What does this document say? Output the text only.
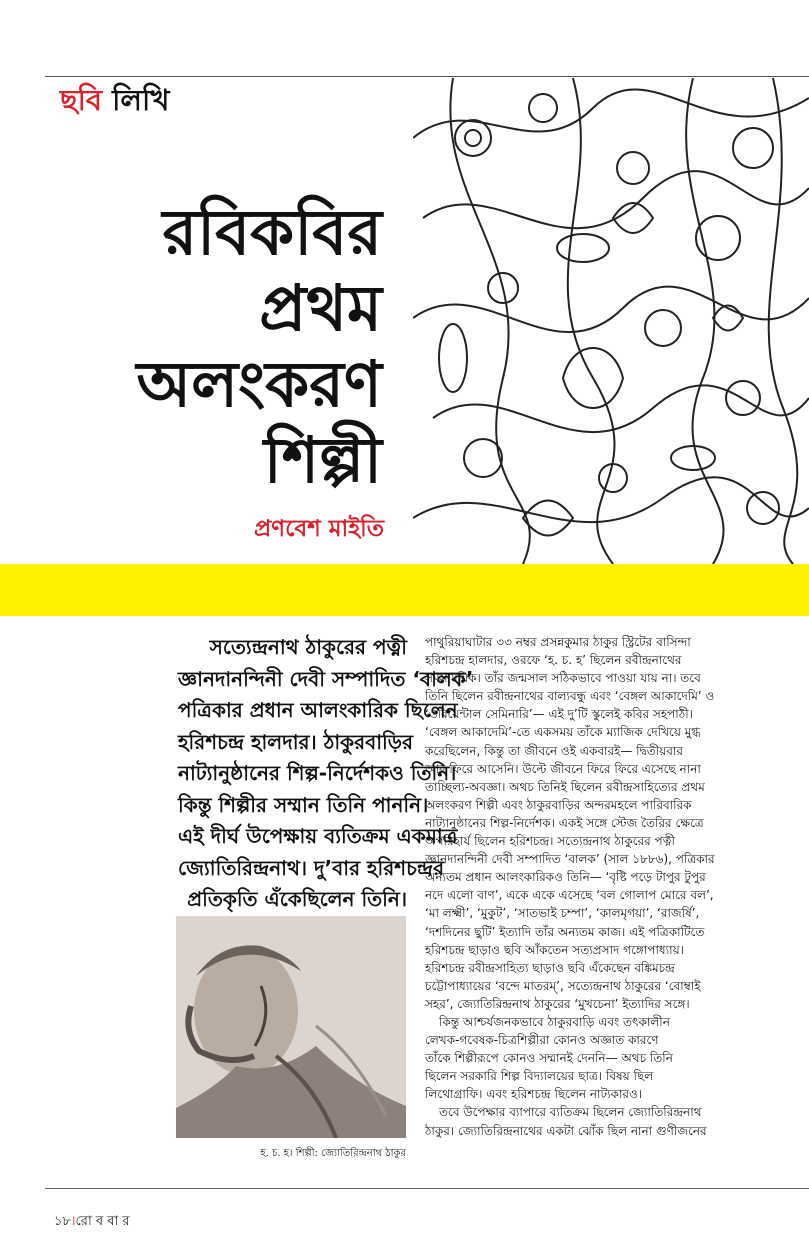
ছবি লিখি
রবিকবির
প্রথম
অলংকরণ
শিল্পী
প্রণবেশ মাইতি
সত্যেন্দ্রনাথ ঠাকুরের পত্নী
জ্ঞানদানন্দিনী দেবী সম্পাদিত ‘বালক’
পত্রিকার প্রধান আলংকারিক ছিলেন
হরিশচন্দ্র হালদার। ঠাকুরবাড়ির
নাট্যানুষ্ঠানের শিল্প-নির্দেশকও তিনি।
কিন্তু শিল্পীর সম্মান তিনি পাননি।
এই দীর্ঘ উপেক্ষায় ব্যতিক্রম একমাত্র
জ্যোতিরিন্দ্রনাথ। দু’বার হরিশচন্দ্রর
প্রতিকৃতি এঁকেছিলেন তিনি।
হ. চ. হ। শিল্পী: জ্যোতিরিন্দ্রনাথ ঠাকুর

পাথুরিয়াঘাটার ৩৩ নম্বর প্রসন্নকুমার ঠাকুর স্ট্রিটের বাসিন্দা
হরিশচন্দ্র হালদার, ওরফে ‘হ. চ. হ’ ছিলেন রবীন্দ্রনাথের
সমসাময়িক। তাঁর জন্মসাল সঠিকভাবে পাওয়া যায় না। তবে
তিনি ছিলেন রবীন্দ্রনাথের বাল্যবন্ধু এবং ‘বেঙ্গল আকাদেমি’ ও
‘ওরিয়েন্টাল সেমিনারি’— এই দু’টি স্কুলেই কবির সহপাঠী।
‘বেঙ্গল আকাদেমি’-তে একসময় তাঁকে ম্যাজিক দেখিয়ে মুগ্ধ
করেছিলেন, কিন্তু তা জীবনে ওই একবারই— দ্বিতীয়বার
আর ফিরে আসেনি। উল্টে জীবনে ফিরে ফিরে এসেছে নানা
তাচ্ছিল্য-অবজ্ঞা। অথচ তিনিই ছিলেন রবীন্দ্রসাহিত্যের প্রথম
অলংকরণ শিল্পী এবং ঠাকুরবাড়ির অন্দরমহলে পারিবারিক
নাট্যানুষ্ঠানের শিল্প-নির্দেশক। একই সঙ্গে স্টেজ তৈরির ক্ষেত্রে
অপরিহার্য ছিলেন হরিশচন্দ্র। সত্যেন্দ্রনাথ ঠাকুরের পত্নী
জ্ঞানদানন্দিনী দেবী সম্পাদিত ‘বালক’ (সাল ১৮৮৬), পত্রিকার
অন্যতম প্রধান আলংকারিকও তিনি— ‘বৃষ্টি পড়ে টাপুর টুপুর
নদে এলো বাণ’, একে একে এসেছে ‘বল গোলাপ মোরে বল’,
‘মা লক্ষ্মী’, ‘মুকুট’, ‘সাতভাই চম্পা’, ‘কালমৃগয়া’, ‘রাজর্ষি’,
‘দশদিনের ছুটি’ ইত্যাদি তাঁর অন্যতম কাজ। এই পত্রিকাটিতে
হরিশচন্দ্র ছাড়াও ছবি আঁকতেন সত্যপ্রসাদ গঙ্গোপাধ্যায়।
হরিশচন্দ্র রবীন্দ্রসাহিত্য ছাড়াও ছবি এঁকেছেন বঙ্কিমচন্দ্র
চট্টোপাধ্যায়ের ‘বন্দে মাতরম্’, সত্যেন্দ্রনাথ ঠাকুরের ‘বোম্বাই
সহর’, জ্যোতিরিন্দ্রনাথ ঠাকুরের ‘মুখচেনা’ ইত্যাদির সঙ্গে।

কিন্তু আশ্চর্যজনকভাবে ঠাকুরবাড়ি এবং তৎকালীন
লেখক-গবেষক-চিত্রশিল্পীরা কোনও অজ্ঞাত কারণে
তাঁকে শিল্পীরূপে কোনও সম্মানই দেননি— অথচ তিনি
ছিলেন সরকারি শিল্প বিদ্যালয়ের ছাত্র। বিষয় ছিল
লিথোগ্রাফি। এবং হরিশচন্দ্র ছিলেন নাট্যকারও।

তবে উপেক্ষার ব্যাপারে ব্যতিক্রম ছিলেন জ্যোতিরিন্দ্রনাথ
ঠাকুর। জ্যোতিরিন্দ্রনাথের একটা ঝোঁক ছিল নানা গুণীজনের

১৮।রো ব বা র
